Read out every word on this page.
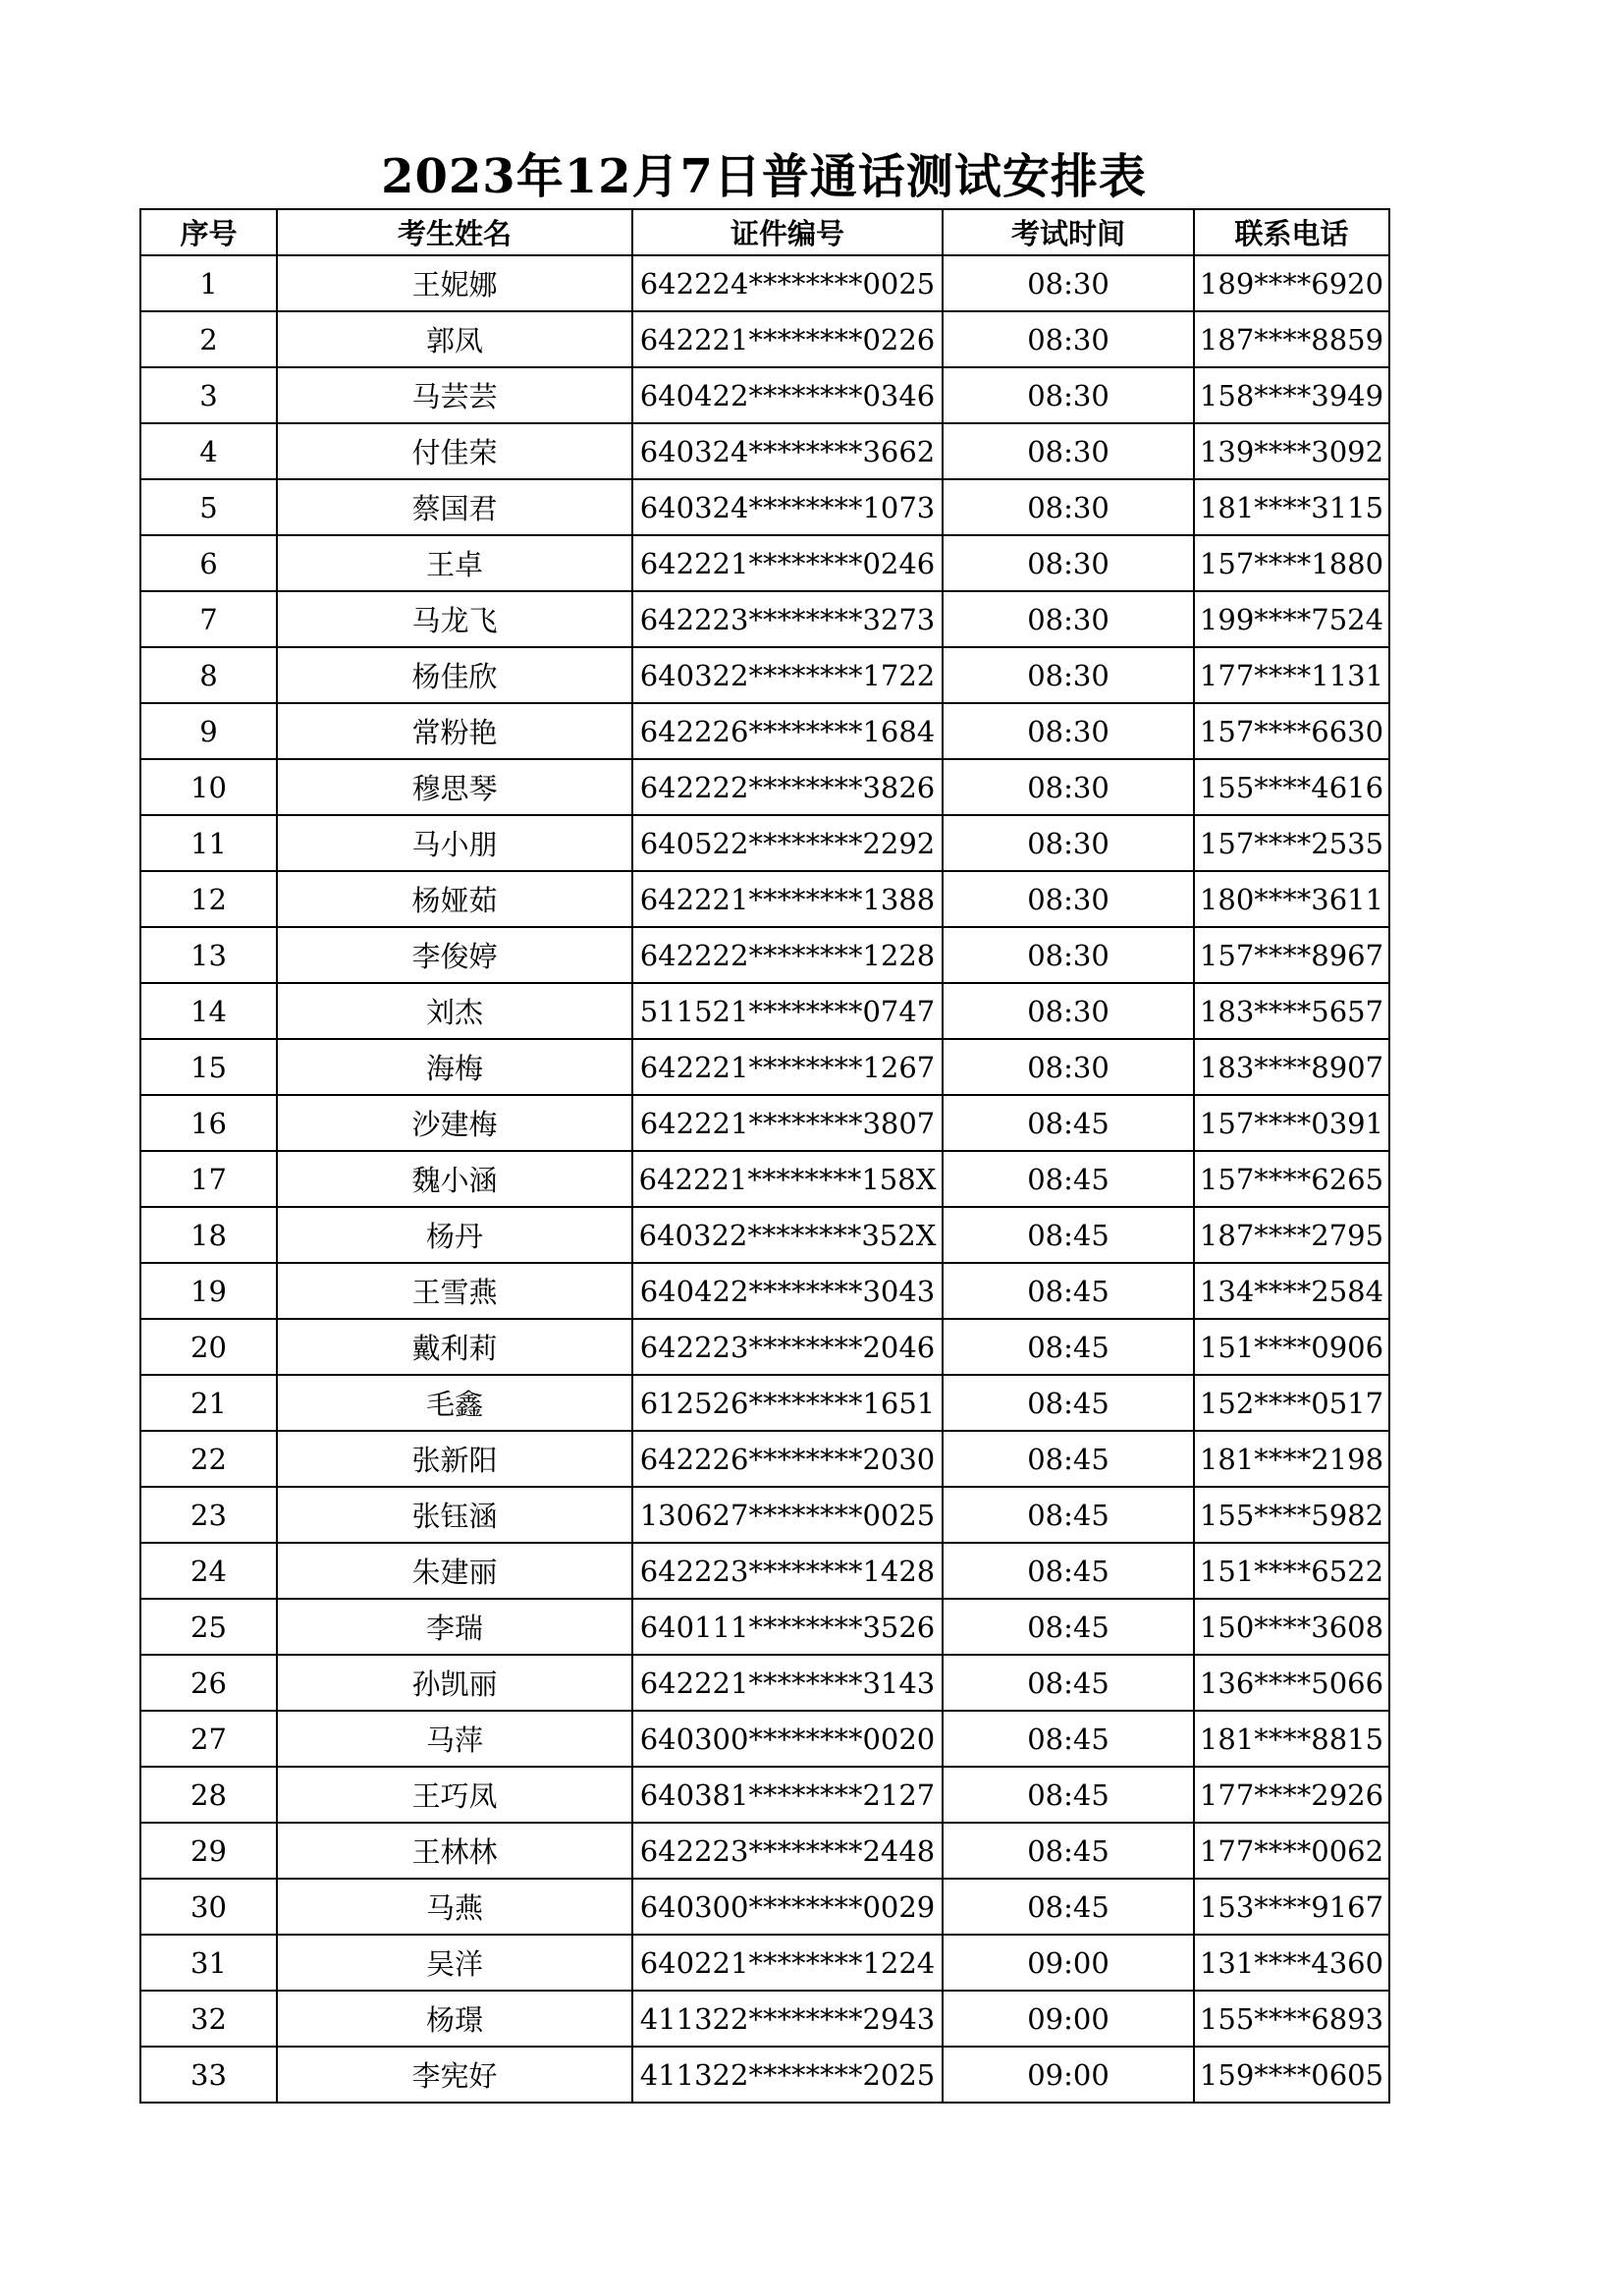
2023年12月7日普通话测试安排表
序号	考生姓名	证件编号	考试时间	联系电话
1	王妮娜	642224********0025	08:30	189****6920
2	郭凤	642221********0226	08:30	187****8859
3	马芸芸	640422********0346	08:30	158****3949
4	付佳荣	640324********3662	08:30	139****3092
5	蔡国君	640324********1073	08:30	181****3115
6	王卓	642221********0246	08:30	157****1880
7	马龙飞	642223********3273	08:30	199****7524
8	杨佳欣	640322********1722	08:30	177****1131
9	常粉艳	642226********1684	08:30	157****6630
10	穆思琴	642222********3826	08:30	155****4616
11	马小朋	640522********2292	08:30	157****2535
12	杨娅茹	642221********1388	08:30	180****3611
13	李俊婷	642222********1228	08:30	157****8967
14	刘杰	511521********0747	08:30	183****5657
15	海梅	642221********1267	08:30	183****8907
16	沙建梅	642221********3807	08:45	157****0391
17	魏小涵	642221********158X	08:45	157****6265
18	杨丹	640322********352X	08:45	187****2795
19	王雪燕	640422********3043	08:45	134****2584
20	戴利莉	642223********2046	08:45	151****0906
21	毛鑫	612526********1651	08:45	152****0517
22	张新阳	642226********2030	08:45	181****2198
23	张钰涵	130627********0025	08:45	155****5982
24	朱建丽	642223********1428	08:45	151****6522
25	李瑞	640111********3526	08:45	150****3608
26	孙凯丽	642221********3143	08:45	136****5066
27	马萍	640300********0020	08:45	181****8815
28	王巧凤	640381********2127	08:45	177****2926
29	王林林	642223********2448	08:45	177****0062
30	马燕	640300********0029	08:45	153****9167
31	吴洋	640221********1224	09:00	131****4360
32	杨璟	411322********2943	09:00	155****6893
33	李宪好	411322********2025	09:00	159****0605
